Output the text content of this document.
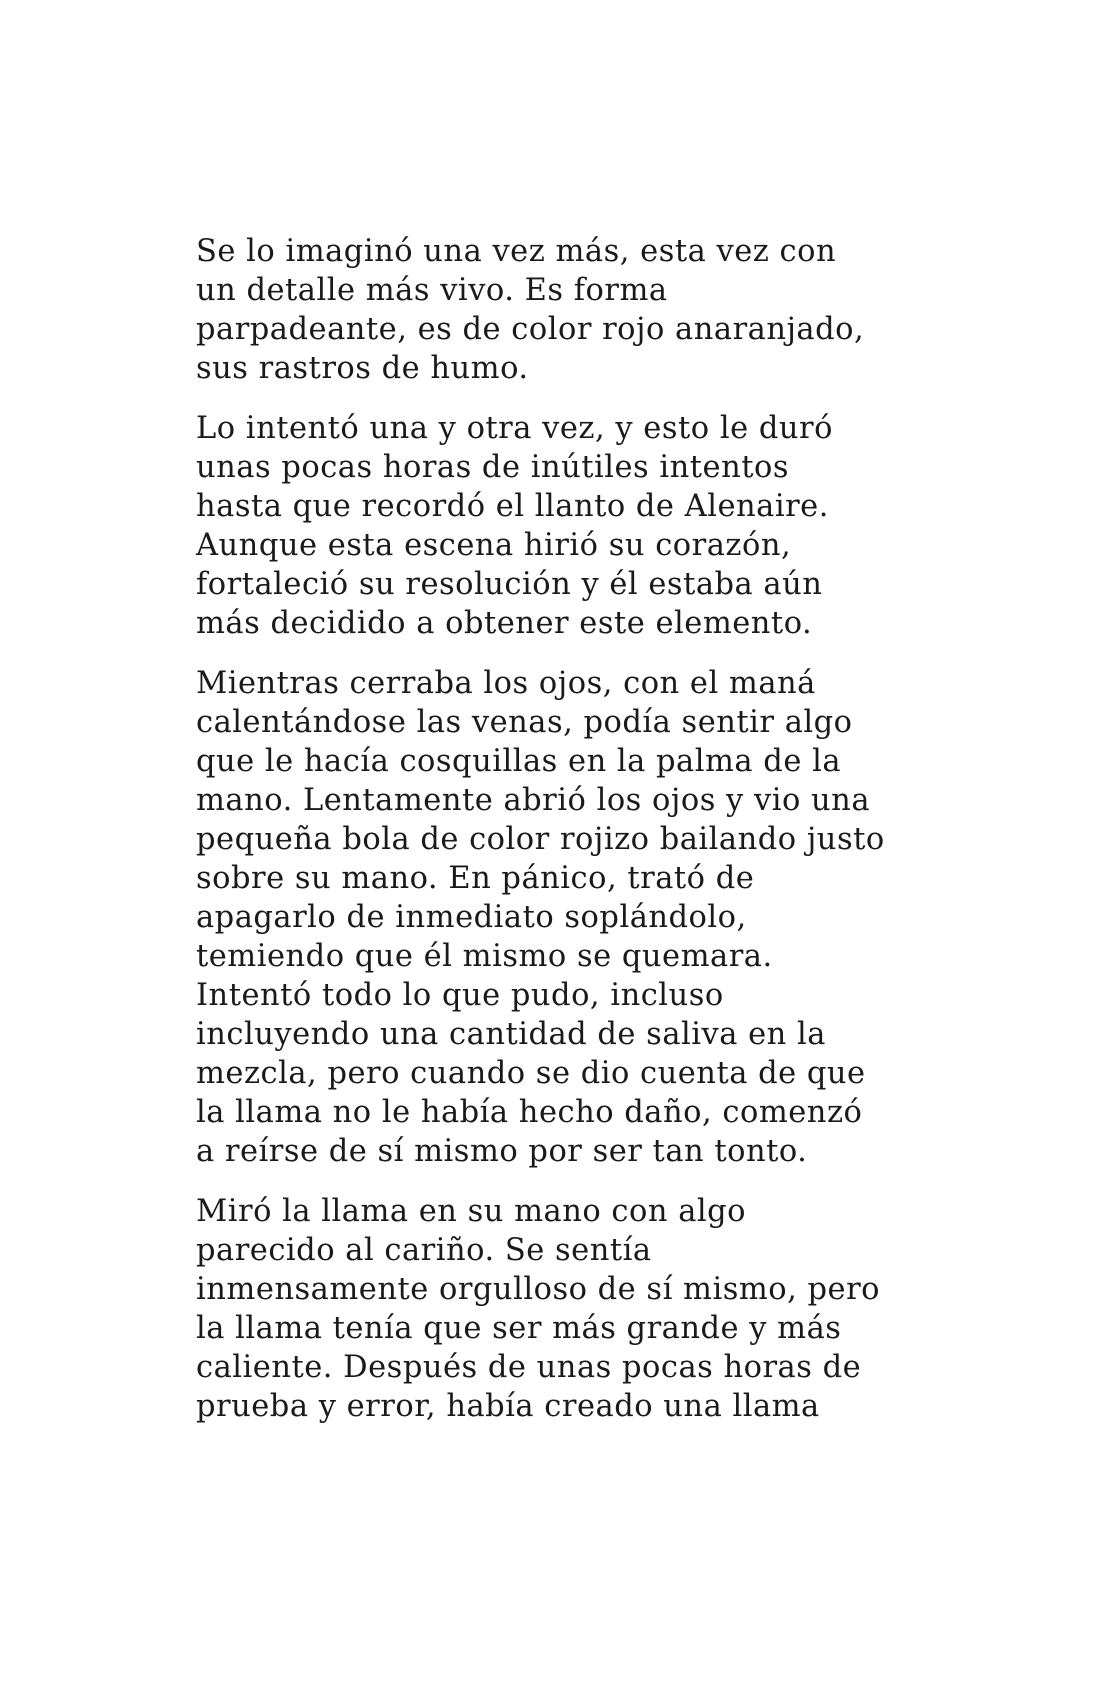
Se lo imaginó una vez más, esta vez con
un detalle más vivo. Es forma
parpadeante, es de color rojo anaranjado,
sus rastros de humo.

Lo intentó una y otra vez, y esto le duró
unas pocas horas de inútiles intentos
hasta que recordó el llanto de Alenaire.
Aunque esta escena hirió su corazón,
fortaleció su resolución y él estaba aún
más decidido a obtener este elemento.

Mientras cerraba los ojos, con el maná
calentándose las venas, podía sentir algo
que le hacía cosquillas en la palma de la
mano. Lentamente abrió los ojos y vio una
pequeña bola de color rojizo bailando justo
sobre su mano. En pánico, trató de
apagarlo de inmediato soplándolo,
temiendo que él mismo se quemara.
Intentó todo lo que pudo, incluso
incluyendo una cantidad de saliva en la
mezcla, pero cuando se dio cuenta de que
la llama no le había hecho daño, comenzó
a reírse de sí mismo por ser tan tonto.

Miró la llama en su mano con algo
parecido al cariño. Se sentía
inmensamente orgulloso de sí mismo, pero
la llama tenía que ser más grande y más
caliente. Después de unas pocas horas de
prueba y error, había creado una llama
